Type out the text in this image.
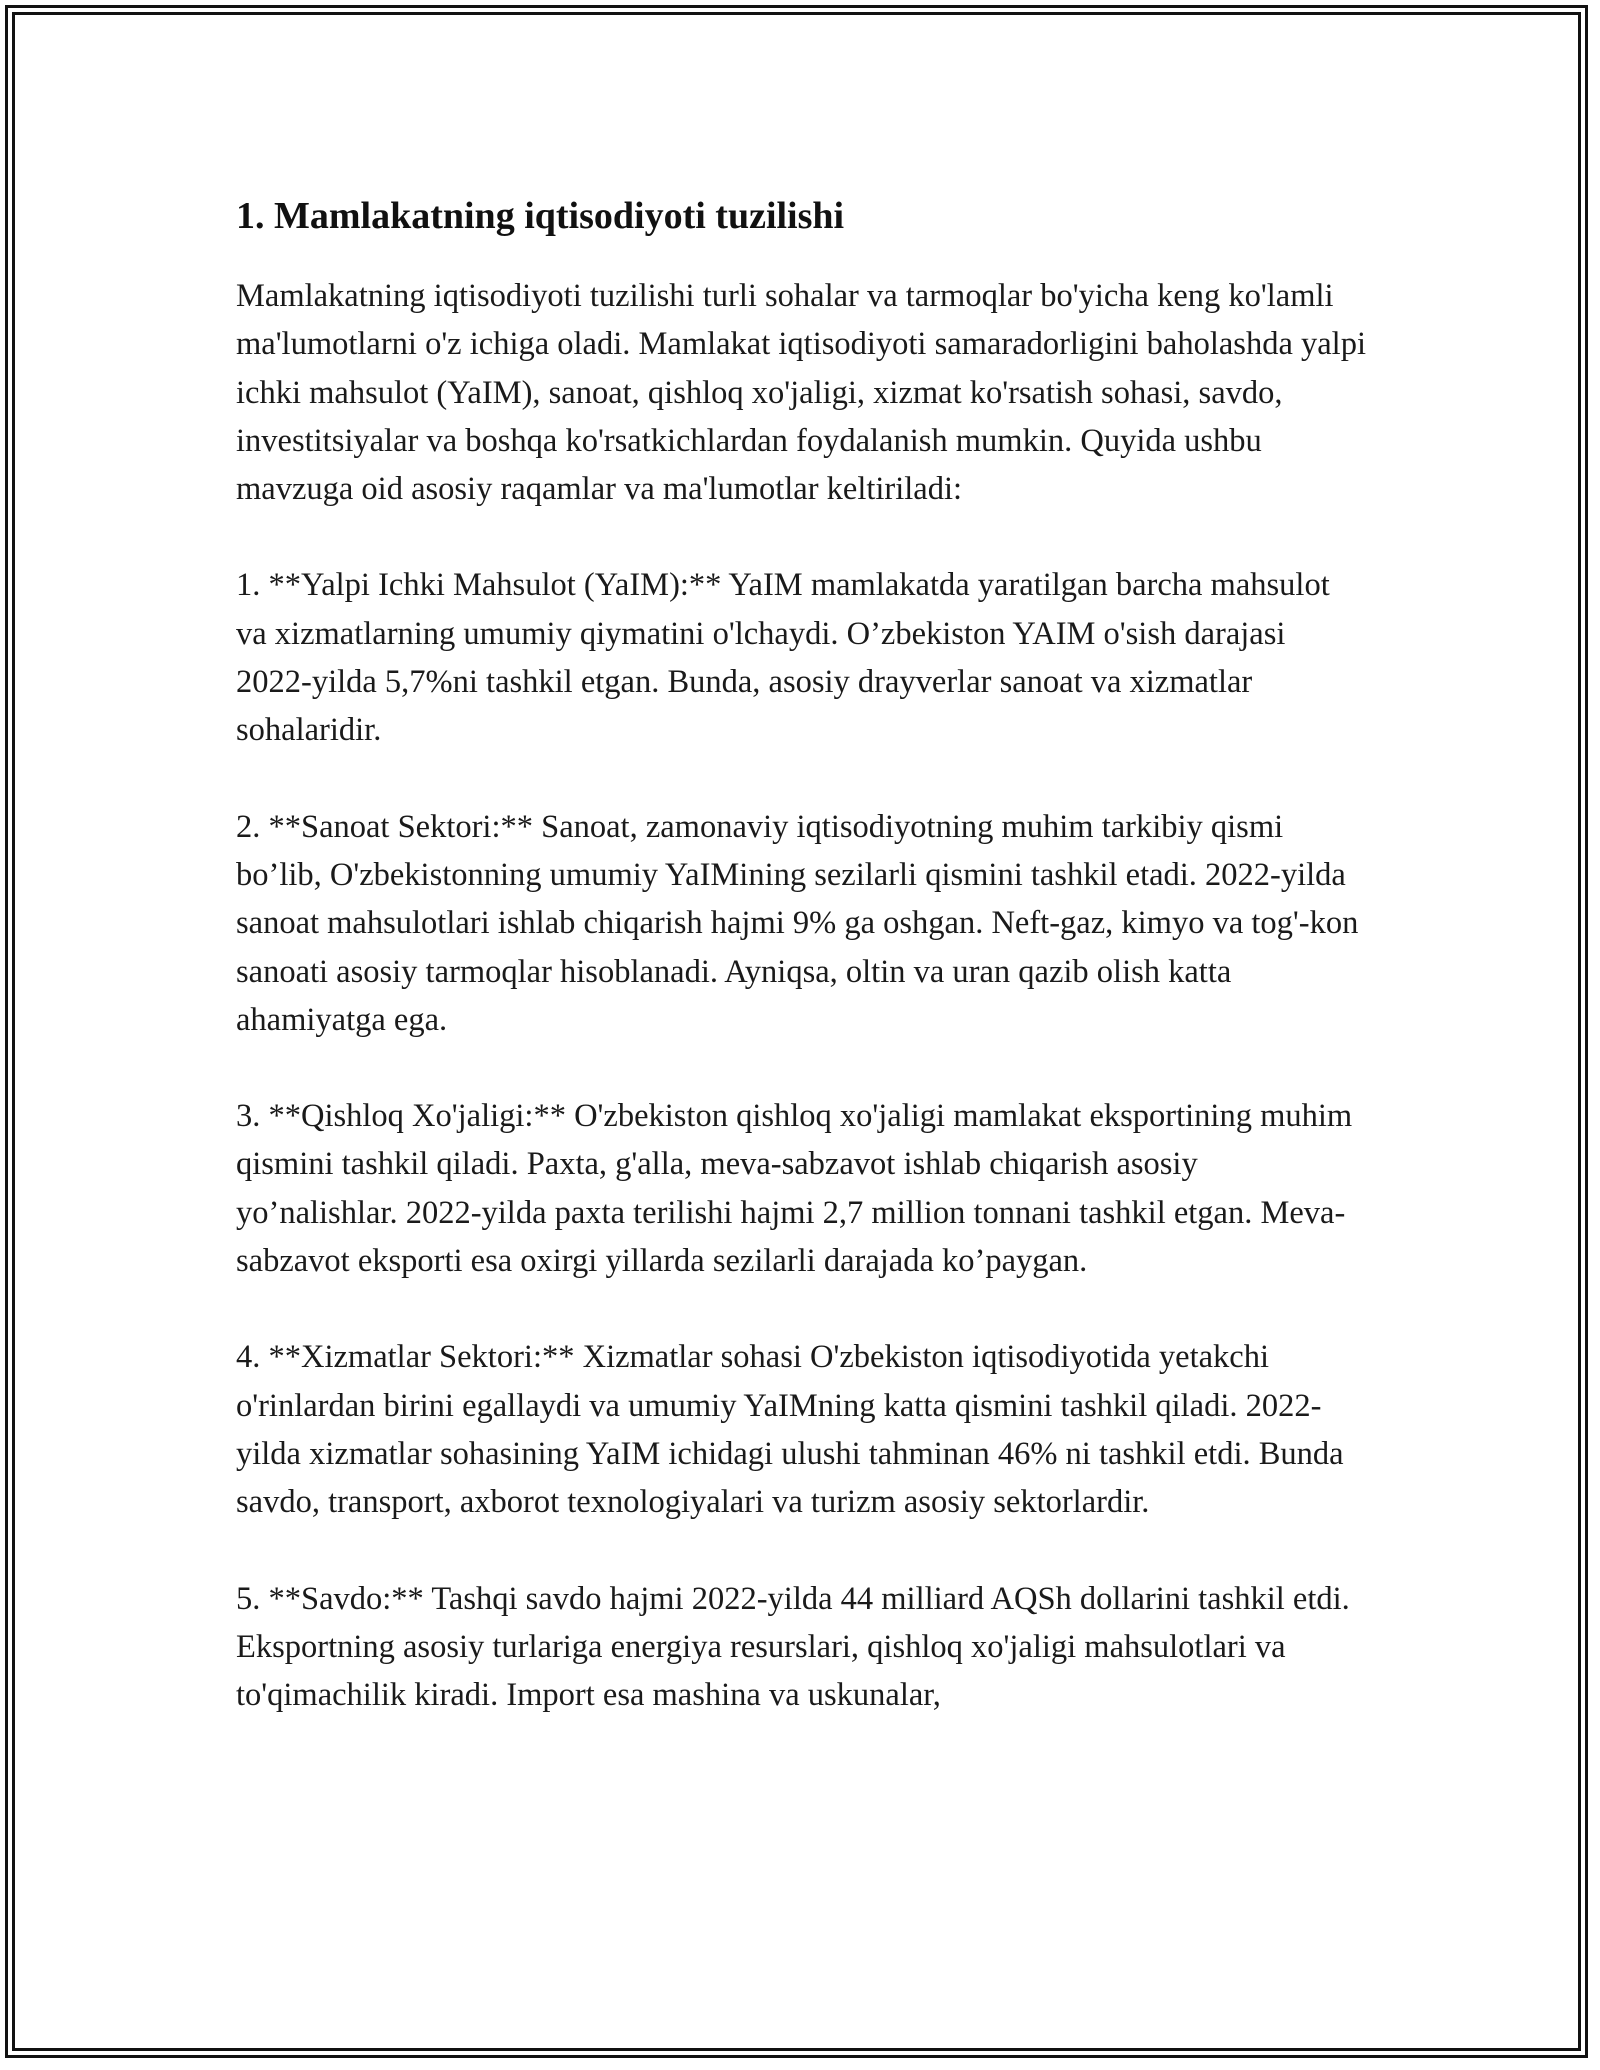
1. Mamlakatning iqtisodiyoti tuzilishi

Mamlakatning iqtisodiyoti tuzilishi turli sohalar va tarmoqlar bo'yicha keng ko'lamli ma'lumotlarni o'z ichiga oladi. Mamlakat iqtisodiyoti samaradorligini baholashda yalpi ichki mahsulot (YaIM), sanoat, qishloq xo'jaligi, xizmat ko'rsatish sohasi, savdo, investitsiyalar va boshqa ko'rsatkichlardan foydalanish mumkin. Quyida ushbu mavzuga oid asosiy raqamlar va ma'lumotlar keltiriladi:

1. **Yalpi Ichki Mahsulot (YaIM):** YaIM mamlakatda yaratilgan barcha mahsulot va xizmatlarning umumiy qiymatini o'lchaydi. O’zbekiston YAIM o'sish darajasi 2022-yilda 5,7%ni tashkil etgan. Bunda, asosiy drayverlar sanoat va xizmatlar sohalaridir.

2. **Sanoat Sektori:** Sanoat, zamonaviy iqtisodiyotning muhim tarkibiy qismi bo’lib, O'zbekistonning umumiy YaIMining sezilarli qismini tashkil etadi. 2022-yilda sanoat mahsulotlari ishlab chiqarish hajmi 9% ga oshgan. Neft-gaz, kimyo va tog'-kon sanoati asosiy tarmoqlar hisoblanadi. Ayniqsa, oltin va uran qazib olish katta ahamiyatga ega.

3. **Qishloq Xo'jaligi:** O'zbekiston qishloq xo'jaligi mamlakat eksportining muhim qismini tashkil qiladi. Paxta, g'alla, meva-sabzavot ishlab chiqarish asosiy yo’nalishlar. 2022-yilda paxta terilishi hajmi 2,7 million tonnani tashkil etgan. Meva-sabzavot eksporti esa oxirgi yillarda sezilarli darajada ko’paygan.

4. **Xizmatlar Sektori:** Xizmatlar sohasi O'zbekiston iqtisodiyotida yetakchi o'rinlardan birini egallaydi va umumiy YaIMning katta qismini tashkil qiladi. 2022-yilda xizmatlar sohasining YaIM ichidagi ulushi tahminan 46% ni tashkil etdi. Bunda savdo, transport, axborot texnologiyalari va turizm asosiy sektorlardir.

5. **Savdo:** Tashqi savdo hajmi 2022-yilda 44 milliard AQSh dollarini tashkil etdi. Eksportning asosiy turlariga energiya resurslari, qishloq xo'jaligi mahsulotlari va to'qimachilik kiradi. Import esa mashina va uskunalar,
